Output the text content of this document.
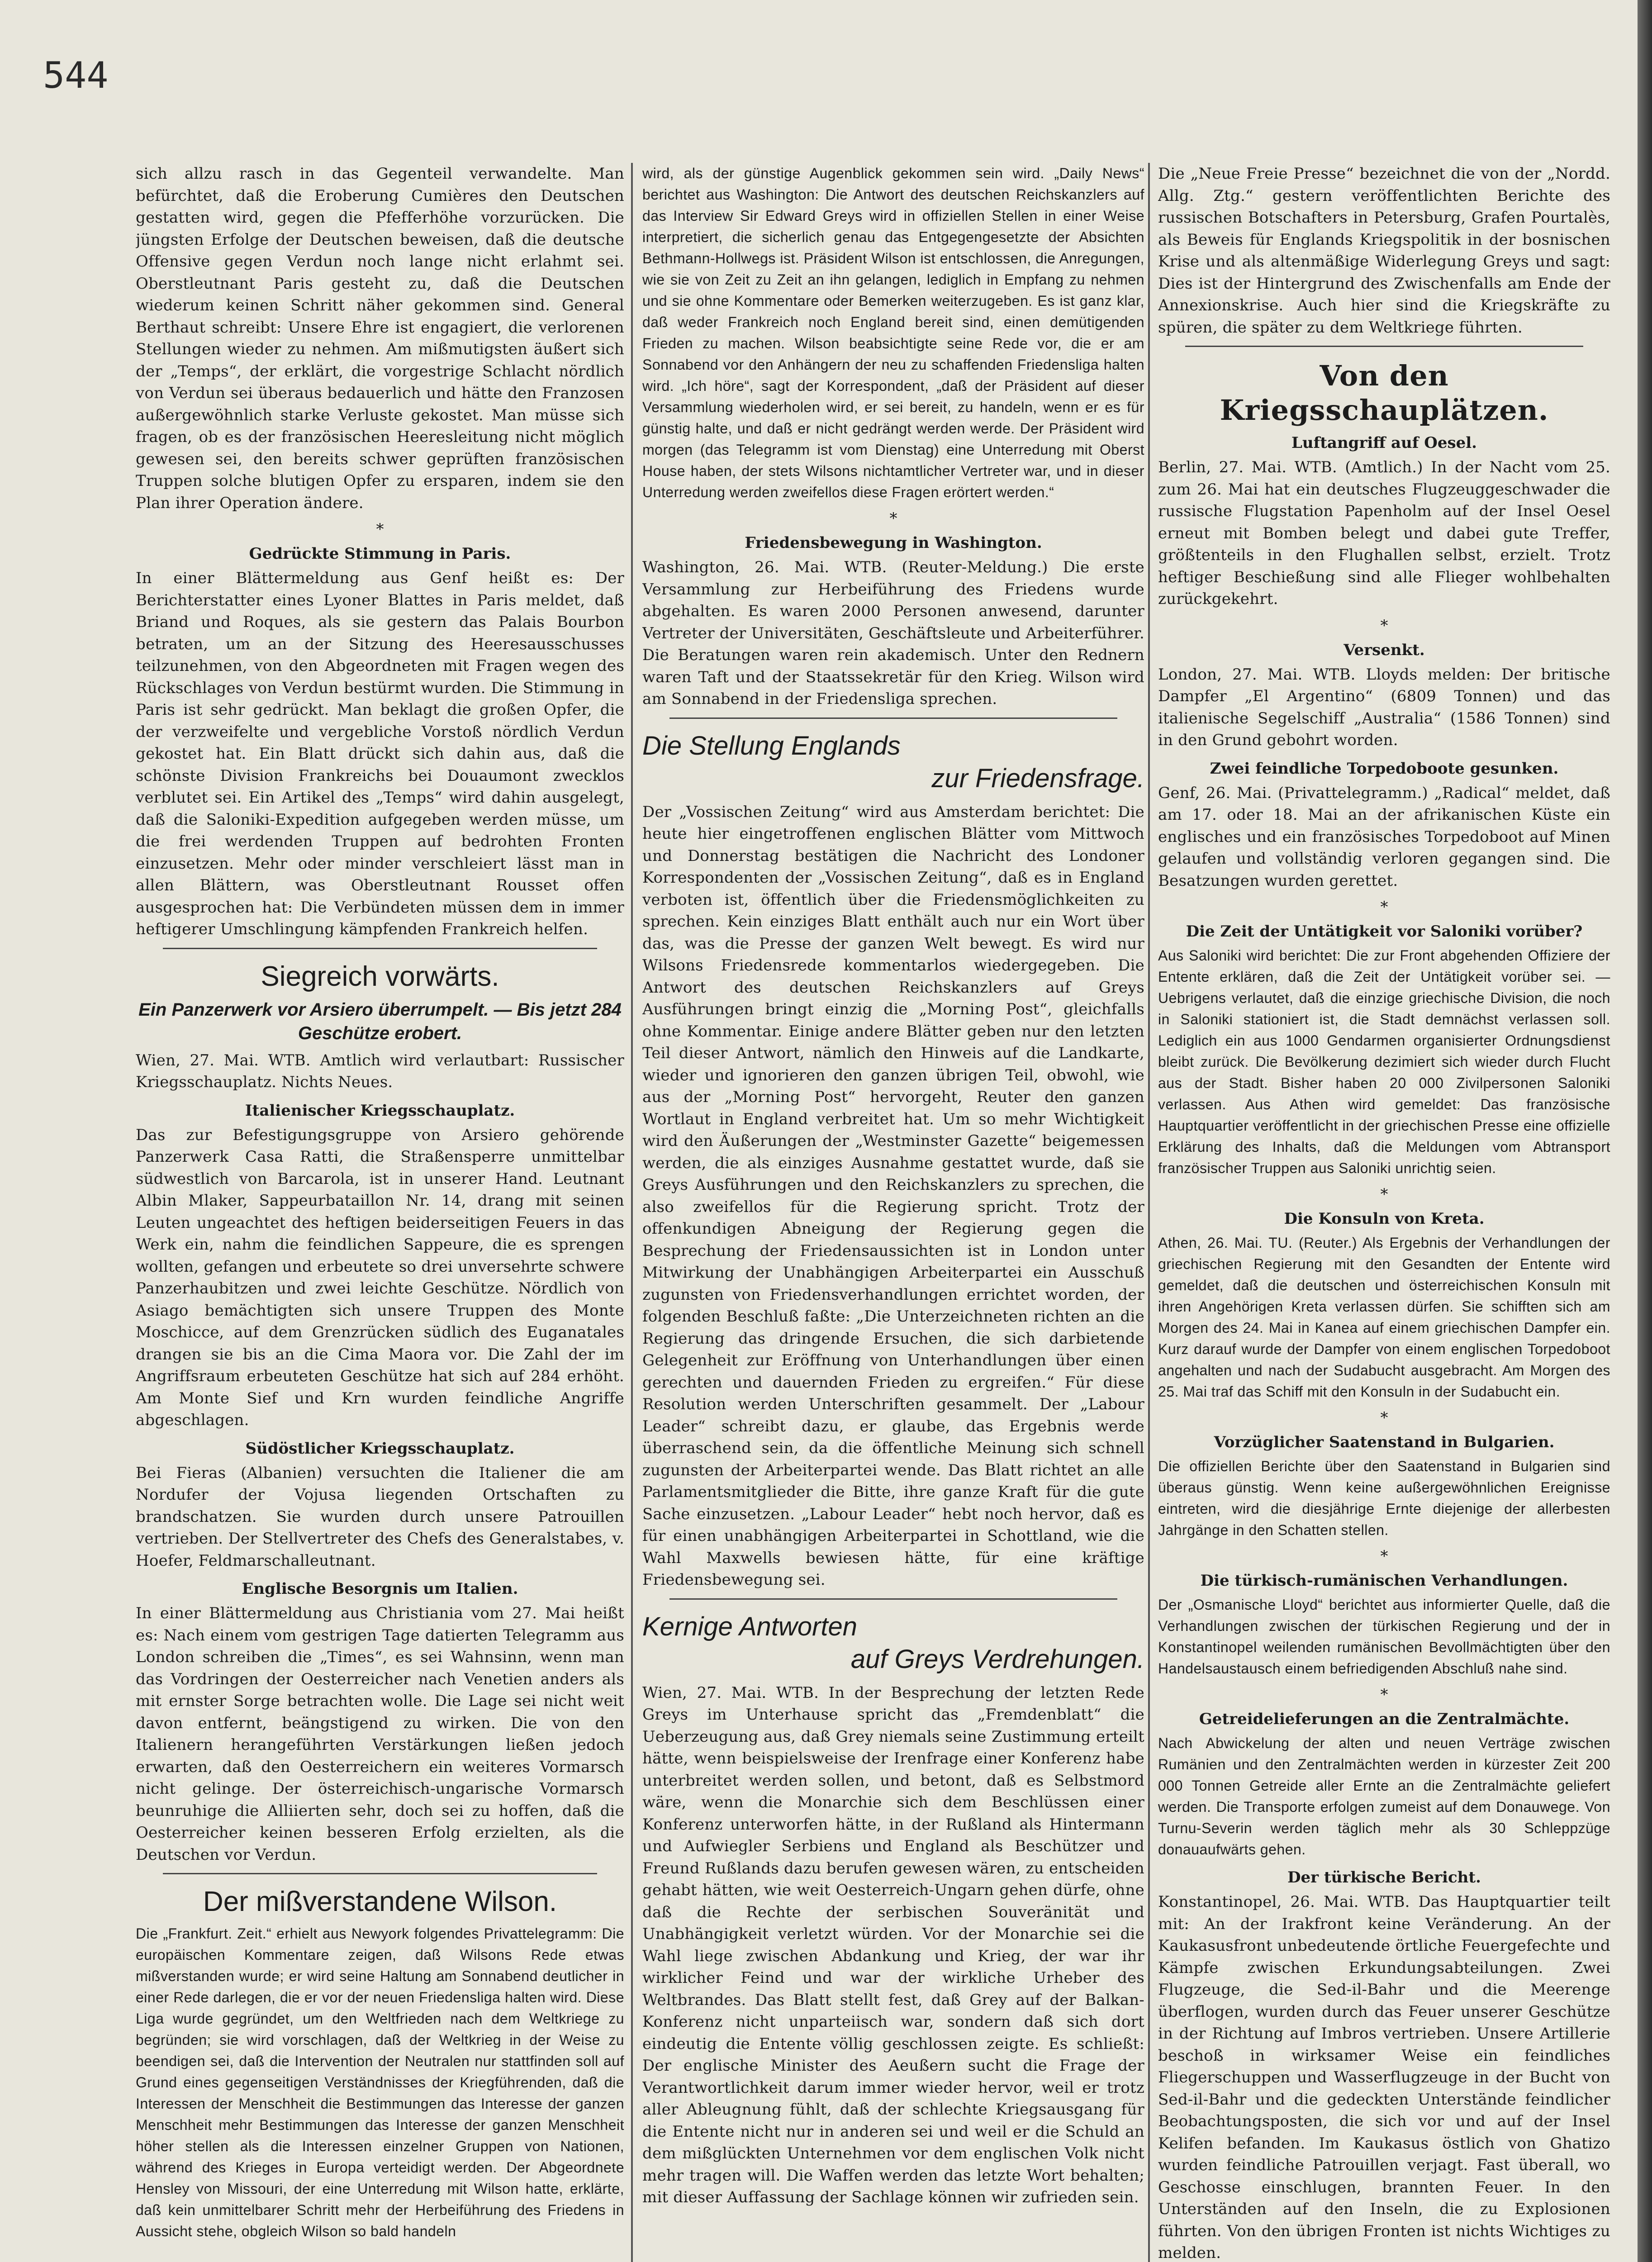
544

sich allzu rasch in das Gegenteil verwandelte. Man befürchtet, daß die Eroberung Cumières den Deutschen gestatten wird, gegen die Pfefferhöhe vorzurücken. Die jüngsten Erfolge der Deutschen beweisen, daß die deutsche Offensive gegen Verdun noch lange nicht erlahmt sei. Oberstleutnant Paris gesteht zu, daß die Deutschen wiederum keinen Schritt näher gekommen sind. General Berthaut schreibt: Unsere Ehre ist engagiert, die verlorenen Stellungen wieder zu nehmen. Am mißmutigsten äußert sich der „Temps“, der erklärt, die vorgestrige Schlacht nördlich von Verdun sei überaus bedauerlich und hätte den Franzosen außergewöhnlich starke Verluste gekostet. Man müsse sich fragen, ob es der französischen Heeresleitung nicht möglich gewesen sei, den bereits schwer geprüften französischen Truppen solche blutigen Opfer zu ersparen, indem sie den Plan ihrer Operation ändere.

*
Gedrückte Stimmung in Paris.

In einer Blättermeldung aus Genf heißt es: Der Berichterstatter eines Lyoner Blattes in Paris meldet, daß Briand und Roques, als sie gestern das Palais Bourbon betraten, um an der Sitzung des Heeresausschusses teilzunehmen, von den Abgeordneten mit Fragen wegen des Rückschlages von Verdun bestürmt wurden. Die Stimmung in Paris ist sehr gedrückt. Man beklagt die großen Opfer, die der verzweifelte und vergebliche Vorstoß nördlich Verdun gekostet hat. Ein Blatt drückt sich dahin aus, daß die schönste Division Frankreichs bei Douaumont zwecklos verblutet sei. Ein Artikel des „Temps“ wird dahin ausgelegt, daß die Saloniki-Expedition aufgegeben werden müsse, um die frei werdenden Truppen auf bedrohten Fronten einzusetzen. Mehr oder minder verschleiert lässt man in allen Blättern, was Oberstleutnant Rousset offen ausgesprochen hat: Die Verbündeten müssen dem in immer heftigerer Umschlingung kämpfenden Frankreich helfen.

Siegreich vorwärts.
Ein Panzerwerk vor Arsiero überrumpelt. — Bis jetzt 284 Geschütze erobert.

Wien, 27. Mai. WTB. Amtlich wird verlautbart: Russischer Kriegsschauplatz. Nichts Neues.

Italienischer Kriegsschauplatz.

Das zur Befestigungsgruppe von Arsiero gehörende Panzerwerk Casa Ratti, die Straßensperre unmittelbar südwestlich von Barcarola, ist in unserer Hand. Leutnant Albin Mlaker, Sappeurbataillon Nr. 14, drang mit seinen Leuten ungeachtet des heftigen beiderseitigen Feuers in das Werk ein, nahm die feindlichen Sappeure, die es sprengen wollten, gefangen und erbeutete so drei unversehrte schwere Panzerhaubitzen und zwei leichte Geschütze. Nördlich von Asiago bemächtigten sich unsere Truppen des Monte Moschicce, auf dem Grenzrücken südlich des Euganatales drangen sie bis an die Cima Maora vor. Die Zahl der im Angriffsraum erbeuteten Geschütze hat sich auf 284 erhöht. Am Monte Sief und Krn wurden feindliche Angriffe abgeschlagen.

Südöstlicher Kriegsschauplatz.

Bei Fieras (Albanien) versuchten die Italiener die am Nordufer der Vojusa liegenden Ortschaften zu brandschatzen. Sie wurden durch unsere Patrouillen vertrieben. Der Stellvertreter des Chefs des Generalstabes, v. Hoefer, Feldmarschalleutnant.

Englische Besorgnis um Italien.

In einer Blättermeldung aus Christiania vom 27. Mai heißt es: Nach einem vom gestrigen Tage datierten Telegramm aus London schreiben die „Times“, es sei Wahnsinn, wenn man das Vordringen der Oesterreicher nach Venetien anders als mit ernster Sorge betrachten wolle. Die Lage sei nicht weit davon entfernt, beängstigend zu wirken. Die von den Italienern herangeführten Verstärkungen ließen jedoch erwarten, daß den Oesterreichern ein weiteres Vormarsch nicht gelinge. Der österreichisch-ungarische Vormarsch beunruhige die Alliierten sehr, doch sei zu hoffen, daß die Oesterreicher keinen besseren Erfolg erzielten, als die Deutschen vor Verdun.

Der mißverstandene Wilson.

Die „Frankfurt. Zeit.“ erhielt aus Newyork folgendes Privattelegramm: Die europäischen Kommentare zeigen, daß Wilsons Rede etwas mißverstanden wurde; er wird seine Haltung am Sonnabend deutlicher in einer Rede darlegen, die er vor der neuen Friedensliga halten wird. Diese Liga wurde gegründet, um den Weltfrieden nach dem Weltkriege zu begründen; sie wird vorschlagen, daß der Weltkrieg in der Weise zu beendigen sei, daß die Intervention der Neutralen nur stattfinden soll auf Grund eines gegenseitigen Verständnisses der Kriegführenden, daß die Interessen der Menschheit die Bestimmungen das Interesse der ganzen Menschheit mehr Bestimmungen das Interesse der ganzen Menschheit höher stellen als die Interessen einzelner Gruppen von Nationen, während des Krieges in Europa verteidigt werden. Der Abgeordnete Hensley von Missouri, der eine Unterredung mit Wilson hatte, erklärte, daß kein unmittelbarer Schritt mehr der Herbeiführung des Friedens in Aussicht stehe, obgleich Wilson so bald handeln

wird, als der günstige Augenblick gekommen sein wird. „Daily News“ berichtet aus Washington: Die Antwort des deutschen Reichskanzlers auf das Interview Sir Edward Greys wird in offiziellen Stellen in einer Weise interpretiert, die sicherlich genau das Entgegengesetzte der Absichten Bethmann-Hollwegs ist. Präsident Wilson ist entschlossen, die Anregungen, wie sie von Zeit zu Zeit an ihn gelangen, lediglich in Empfang zu nehmen und sie ohne Kommentare oder Bemerken weiterzugeben. Es ist ganz klar, daß weder Frankreich noch England bereit sind, einen demütigenden Frieden zu machen. Wilson beabsichtigte seine Rede vor, die er am Sonnabend vor den Anhängern der neu zu schaffenden Friedensliga halten wird. „Ich höre“, sagt der Korrespondent, „daß der Präsident auf dieser Versammlung wiederholen wird, er sei bereit, zu handeln, wenn er es für günstig halte, und daß er nicht gedrängt werden werde. Der Präsident wird morgen (das Telegramm ist vom Dienstag) eine Unterredung mit Oberst House haben, der stets Wilsons nichtamtlicher Vertreter war, und in dieser Unterredung werden zweifellos diese Fragen erörtert werden.“

*
Friedensbewegung in Washington.

Washington, 26. Mai. WTB. (Reuter-Meldung.) Die erste Versammlung zur Herbeiführung des Friedens wurde abgehalten. Es waren 2000 Personen anwesend, darunter Vertreter der Universitäten, Geschäftsleute und Arbeiterführer. Die Beratungen waren rein akademisch. Unter den Rednern waren Taft und der Staatssekretär für den Krieg. Wilson wird am Sonnabend in der Friedensliga sprechen.

Die Stellung Englands
zur Friedensfrage.

Der „Vossischen Zeitung“ wird aus Amsterdam berichtet: Die heute hier eingetroffenen englischen Blätter vom Mittwoch und Donnerstag bestätigen die Nachricht des Londoner Korrespondenten der „Vossischen Zeitung“, daß es in England verboten ist, öffentlich über die Friedensmöglichkeiten zu sprechen. Kein einziges Blatt enthält auch nur ein Wort über das, was die Presse der ganzen Welt bewegt. Es wird nur Wilsons Friedensrede kommentarlos wiedergegeben. Die Antwort des deutschen Reichskanzlers auf Greys Ausführungen bringt einzig die „Morning Post“, gleichfalls ohne Kommentar. Einige andere Blätter geben nur den letzten Teil dieser Antwort, nämlich den Hinweis auf die Landkarte, wieder und ignorieren den ganzen übrigen Teil, obwohl, wie aus der „Morning Post“ hervorgeht, Reuter den ganzen Wortlaut in England verbreitet hat. Um so mehr Wichtigkeit wird den Äußerungen der „Westminster Gazette“ beigemessen werden, die als einziges Ausnahme gestattet wurde, daß sie Greys Ausführungen und den Reichskanzlers zu sprechen, die also zweifellos für die Regierung spricht. Trotz der offenkundigen Abneigung der Regierung gegen die Besprechung der Friedensaussichten ist in London unter Mitwirkung der Unabhängigen Arbeiterpartei ein Ausschuß zugunsten von Friedensverhandlungen errichtet worden, der folgenden Beschluß faßte: „Die Unterzeichneten richten an die Regierung das dringende Ersuchen, die sich darbietende Gelegenheit zur Eröffnung von Unterhandlungen über einen gerechten und dauernden Frieden zu ergreifen.“ Für diese Resolution werden Unterschriften gesammelt. Der „Labour Leader“ schreibt dazu, er glaube, das Ergebnis werde überraschend sein, da die öffentliche Meinung sich schnell zugunsten der Arbeiterpartei wende. Das Blatt richtet an alle Parlamentsmitglieder die Bitte, ihre ganze Kraft für die gute Sache einzusetzen. „Labour Leader“ hebt noch hervor, daß es für einen unabhängigen Arbeiterpartei in Schottland, wie die Wahl Maxwells bewiesen hätte, für eine kräftige Friedensbewegung sei.

Kernige Antworten
auf Greys Verdrehungen.

Wien, 27. Mai. WTB. In der Besprechung der letzten Rede Greys im Unterhause spricht das „Fremdenblatt“ die Ueberzeugung aus, daß Grey niemals seine Zustimmung erteilt hätte, wenn beispielsweise der Irenfrage einer Konferenz habe unterbreitet werden sollen, und betont, daß es Selbstmord wäre, wenn die Monarchie sich dem Beschlüssen einer Konferenz unterworfen hätte, in der Rußland als Hintermann und Aufwiegler Serbiens und England als Beschützer und Freund Rußlands dazu berufen gewesen wären, zu entscheiden gehabt hätten, wie weit Oesterreich-Ungarn gehen dürfe, ohne daß die Rechte der serbischen Souveränität und Unabhängigkeit verletzt würden. Vor der Monarchie sei die Wahl liege zwischen Abdankung und Krieg, der war ihr wirklicher Feind und war der wirkliche Urheber des Weltbrandes. Das Blatt stellt fest, daß Grey auf der Balkan-Konferenz nicht unparteiisch war, sondern daß sich dort eindeutig die Entente völlig geschlossen zeigte. Es schließt: Der englische Minister des Aeußern sucht die Frage der Verantwortlichkeit darum immer wieder hervor, weil er trotz aller Ableugnung fühlt, daß der schlechte Kriegsausgang für die Entente nicht nur in anderen sei und weil er die Schuld an dem mißglückten Unternehmen vor dem englischen Volk nicht mehr tragen will. Die Waffen werden das letzte Wort behalten; mit dieser Auffassung der Sachlage können wir zufrieden sein.

Die „Neue Freie Presse“ bezeichnet die von der „Nordd. Allg. Ztg.“ gestern veröffentlichten Berichte des russischen Botschafters in Petersburg, Grafen Pourtalès, als Beweis für Englands Kriegspolitik in der bosnischen Krise und als altenmäßige Widerlegung Greys und sagt: Dies ist der Hintergrund des Zwischenfalls am Ende der Annexionskrise. Auch hier sind die Kriegskräfte zu spüren, die später zu dem Weltkriege führten.

Von den Kriegsschauplätzen.
Luftangriff auf Oesel.

Berlin, 27. Mai. WTB. (Amtlich.) In der Nacht vom 25. zum 26. Mai hat ein deutsches Flugzeuggeschwader die russische Flugstation Papenholm auf der Insel Oesel erneut mit Bomben belegt und dabei gute Treffer, größtenteils in den Flughallen selbst, erzielt. Trotz heftiger Beschießung sind alle Flieger wohlbehalten zurückgekehrt.

*
Versenkt.

London, 27. Mai. WTB. Lloyds melden: Der britische Dampfer „El Argentino“ (6809 Tonnen) und das italienische Segelschiff „Australia“ (1586 Tonnen) sind in den Grund gebohrt worden.

Zwei feindliche Torpedoboote gesunken.

Genf, 26. Mai. (Privattelegramm.) „Radical“ meldet, daß am 17. oder 18. Mai an der afrikanischen Küste ein englisches und ein französisches Torpedoboot auf Minen gelaufen und vollständig verloren gegangen sind. Die Besatzungen wurden gerettet.

*
Die Zeit der Untätigkeit vor Saloniki vorüber?

Aus Saloniki wird berichtet: Die zur Front abgehenden Offiziere der Entente erklären, daß die Zeit der Untätigkeit vorüber sei. — Uebrigens verlautet, daß die einzige griechische Division, die noch in Saloniki stationiert ist, die Stadt demnächst verlassen soll. Lediglich ein aus 1000 Gendarmen organisierter Ordnungsdienst bleibt zurück. Die Bevölkerung dezimiert sich wieder durch Flucht aus der Stadt. Bisher haben 20 000 Zivilpersonen Saloniki verlassen. Aus Athen wird gemeldet: Das französische Hauptquartier veröffentlicht in der griechischen Presse eine offizielle Erklärung des Inhalts, daß die Meldungen vom Abtransport französischer Truppen aus Saloniki unrichtig seien.

*
Die Konsuln von Kreta.

Athen, 26. Mai. TU. (Reuter.) Als Ergebnis der Verhandlungen der griechischen Regierung mit den Gesandten der Entente wird gemeldet, daß die deutschen und österreichischen Konsuln mit ihren Angehörigen Kreta verlassen dürfen. Sie schifften sich am Morgen des 24. Mai in Kanea auf einem griechischen Dampfer ein. Kurz darauf wurde der Dampfer von einem englischen Torpedoboot angehalten und nach der Sudabucht ausgebracht. Am Morgen des 25. Mai traf das Schiff mit den Konsuln in der Sudabucht ein.

*
Vorzüglicher Saatenstand in Bulgarien.

Die offiziellen Berichte über den Saatenstand in Bulgarien sind überaus günstig. Wenn keine außergewöhnlichen Ereignisse eintreten, wird die diesjährige Ernte diejenige der allerbesten Jahrgänge in den Schatten stellen.

*
Die türkisch-rumänischen Verhandlungen.

Der „Osmanische Lloyd“ berichtet aus informierter Quelle, daß die Verhandlungen zwischen der türkischen Regierung und der in Konstantinopel weilenden rumänischen Bevollmächtigten über den Handelsaustausch einem befriedigenden Abschluß nahe sind.

*
Getreidelieferungen an die Zentralmächte.

Nach Abwickelung der alten und neuen Verträge zwischen Rumänien und den Zentralmächten werden in kürzester Zeit 200 000 Tonnen Getreide aller Ernte an die Zentralmächte geliefert werden. Die Transporte erfolgen zumeist auf dem Donauwege. Von Turnu-Severin werden täglich mehr als 30 Schleppzüge donauaufwärts gehen.

Der türkische Bericht.

Konstantinopel, 26. Mai. WTB. Das Hauptquartier teilt mit: An der Irakfront keine Veränderung. An der Kaukasusfront unbedeutende örtliche Feuergefechte und Kämpfe zwischen Erkundungsabteilungen. Zwei Flugzeuge, die Sed-il-Bahr und die Meerenge überflogen, wurden durch das Feuer unserer Geschütze in der Richtung auf Imbros vertrieben. Unsere Artillerie beschoß in wirksamer Weise ein feindliches Fliegerschuppen und Wasserflugzeuge in der Bucht von Sed-il-Bahr und die gedeckten Unterstände feindlicher Beobachtungsposten, die sich vor und auf der Insel Kelifen befanden. Im Kaukasus östlich von Ghatizo wurden feindliche Patrouillen verjagt. Fast überall, wo Geschosse einschlugen, brannten Feuer. In den Unterständen auf den Inseln, die zu Explosionen führten. Von den übrigen Fronten ist nichts Wichtiges zu melden.
